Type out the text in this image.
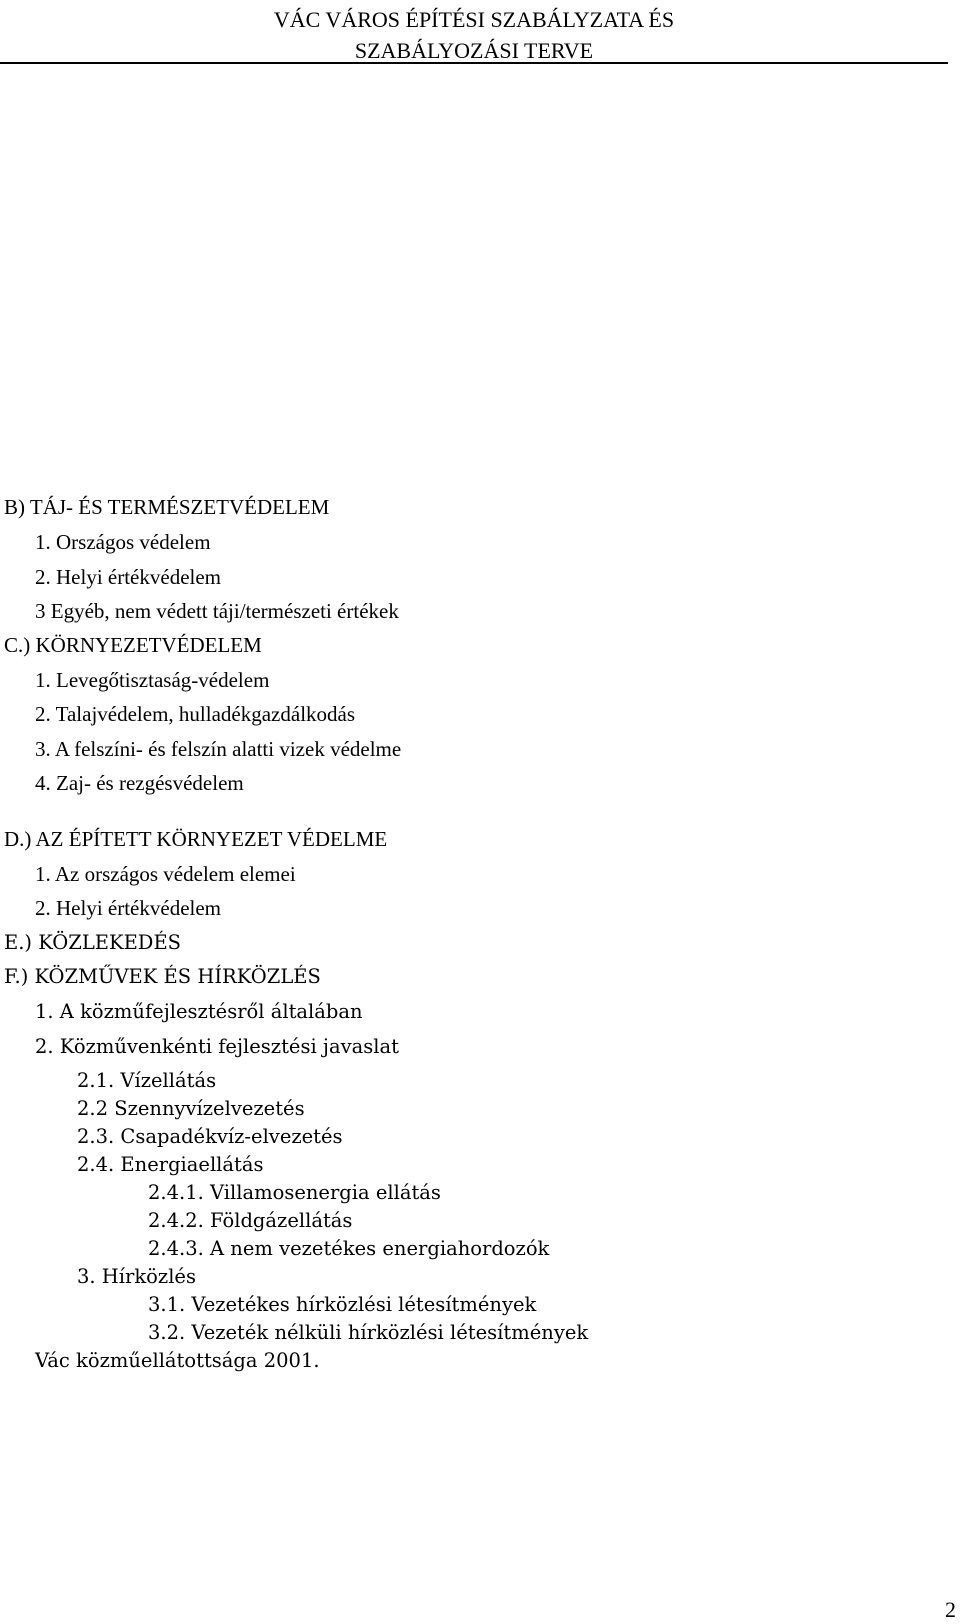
VÁC VÁROS ÉPÍTÉSI SZABÁLYZATA ÉS
SZABÁLYOZÁSI TERVE
B) TÁJ- ÉS TERMÉSZETVÉDELEM
1. Országos védelem
2. Helyi értékvédelem
3 Egyéb, nem védett táji/természeti értékek
C.) KÖRNYEZETVÉDELEM
1. Levegőtisztaság-védelem
2. Talajvédelem, hulladékgazdálkodás
3. A felszíni- és felszín alatti vizek védelme
4. Zaj- és rezgésvédelem
D.) AZ ÉPÍTETT KÖRNYEZET VÉDELME
1. Az országos védelem elemei
2. Helyi értékvédelem
E.) KÖZLEKEDÉS
F.) KÖZMŰVEK ÉS HÍRKÖZLÉS
1. A közműfejlesztésről általában
2. Közművenkénti fejlesztési javaslat
2.1. Vízellátás
2.2 Szennyvízelvezetés
2.3. Csapadékvíz-elvezetés
2.4. Energiaellátás
2.4.1. Villamosenergia ellátás
2.4.2. Földgázellátás
2.4.3. A nem vezetékes energiahordozók
3. Hírközlés
3.1. Vezetékes hírközlési létesítmények
3.2. Vezeték nélküli hírközlési létesítmények
Vác közműellátottsága 2001.
2
